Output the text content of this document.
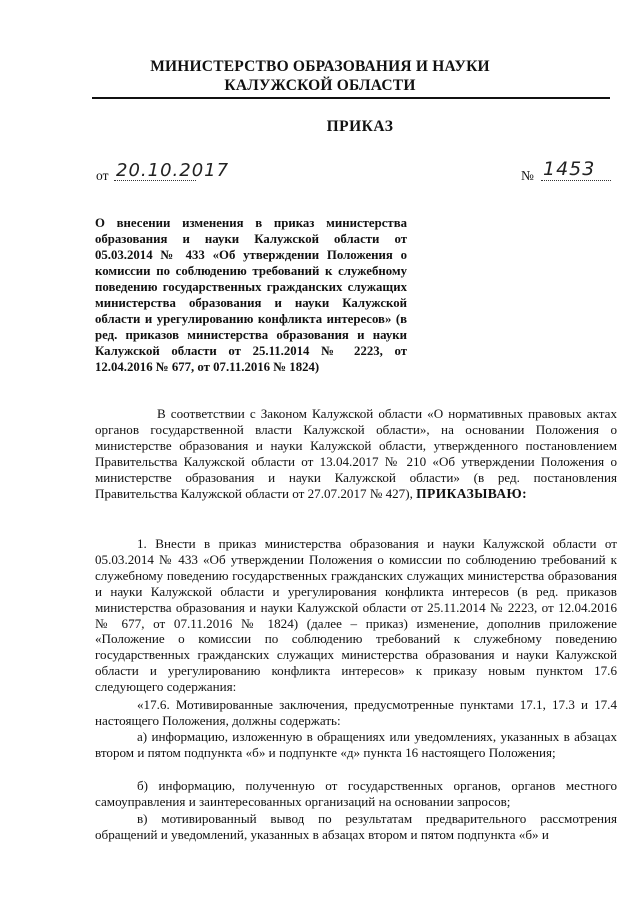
МИНИСТЕРСТВО ОБРАЗОВАНИЯ И НАУКИ
КАЛУЖСКОЙ ОБЛАСТИ
ПРИКАЗ
от 20.10.2017	№ 1453
О внесении изменения в приказ министерства образования и науки Калужской области от 05.03.2014 № 433 «Об утверждении Положения о комиссии по соблюдению требований к служебному поведению государственных гражданских служащих министерства образования и науки Калужской области и урегулированию конфликта интересов» (в ред. приказов министерства образования и науки Калужской области от 25.11.2014 № 2223, от 12.04.2016 № 677, от 07.11.2016 № 1824)
В соответствии с Законом Калужской области «О нормативных правовых актах органов государственной власти Калужской области», на основании Положения о министерстве образования и науки Калужской области, утвержденного постановлением Правительства Калужской области от 13.04.2017 № 210 «Об утверждении Положения о министерстве образования и науки Калужской области» (в ред. постановления Правительства Калужской области от 27.07.2017 № 427), ПРИКАЗЫВАЮ:
1. Внести в приказ министерства образования и науки Калужской области от 05.03.2014 № 433 «Об утверждении Положения о комиссии по соблюдению требований к служебному поведению государственных гражданских служащих министерства образования и науки Калужской области и урегулирования конфликта интересов (в ред. приказов министерства образования и науки Калужской области от 25.11.2014 № 2223, от 12.04.2016 № 677, от 07.11.2016 № 1824) (далее – приказ) изменение, дополнив приложение «Положение о комиссии по соблюдению требований к служебному поведению государственных гражданских служащих министерства образования и науки Калужской области и урегулированию конфликта интересов» к приказу новым пунктом 17.6 следующего содержания:
«17.6. Мотивированные заключения, предусмотренные пунктами 17.1, 17.3 и 17.4 настоящего Положения, должны содержать:
а) информацию, изложенную в обращениях или уведомлениях, указанных в абзацах втором и пятом подпункта «б» и подпункте «д» пункта 16 настоящего Положения;
б) информацию, полученную от государственных органов, органов местного самоуправления и заинтересованных организаций на основании запросов;
в) мотивированный вывод по результатам предварительного рассмотрения обращений и уведомлений, указанных в абзацах втором и пятом подпункта «б» и
